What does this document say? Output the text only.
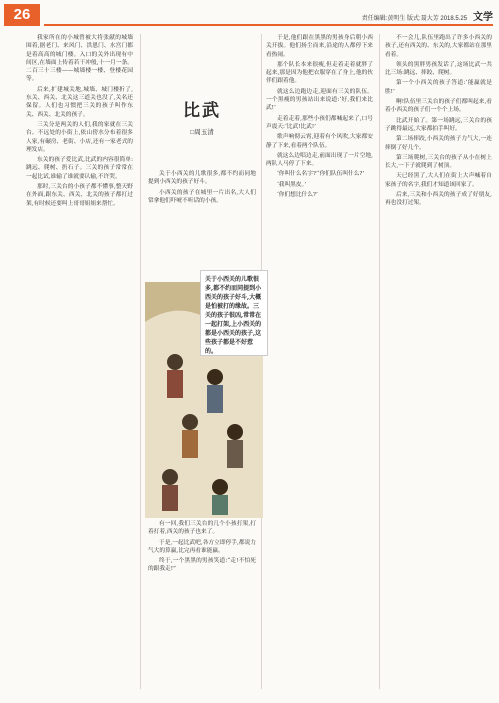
26	责任编辑:黄明生 版式:聂大芳 2018.5.25 文学

我家所在的小城曾被大将张献的城墙围着,据老门、来风门、洪恩门、水宫门都是着高高的城门楼。入口的关外出现有中间区,在墙面上传着若干冲般,十一月一条。二百三十三楼——城墙楼一楼、登楼花园等。

后来,扩建城关地,城墙、城门楼折了,东关、西关、北关这三道关也没了,关名还保留。人们也习惯把三关的孩子叫作东关、西关、北关的孩子。

三关分是两关的人们,我的家就在三关台。不远处的小街上,依山傍水分布着很多人家,有碾房、老街、小店,还有一家老式的理发店。

东关的孩子爱比武,比武的内容很简单:跳远、爬树、扔石子。三关的孩子常常在一起比试,谁输了谁就要认输,不许哭。

那时,三关台的小孩子都不懂事,整天野在外面,跟东关、西关、北关的孩子都打过架,有时候还要叫上哥哥姐姐来帮忙。

比武
□周玉清

关于小西关的儿歌很多,都不约而同地提到小西关的孩子好斗。

小西关的孩子在城里一片出名,大人们常拿他们吓唬不听话的小孩。

关于小西关的儿歌很多,都不约而同提到小西关的孩子好斗,大概是怕被打的缘故。三关的孩子很凶,常常在一起打架,上小西关的都是小西关的孩子,这些孩子都是不好惹的。

有一回,我们三关台的几个小孩打架,打着打着,西关的孩子也来了。

于是,一起比武吧,各方立即停手,都说力气大的算赢,比完再看谁能赢。

终于,一个黑黑的男孩笑道:“走!不怕死的跟我走!”

于是,他们跟在黑黑的男孩身后朝小西关开拔。他们扬尘而来,沿途的人都停下来看热闹。

那个队长本来很瘦,但走着走着就胖了起来,那是因为他把衣服穿在了身上,他的伙伴们跟着他。

就这么边跑边走,迎面有三关的队伍。一个黑瘦的男孩站出来说道:‘好,我们来比武!’

走着走着,那些小孩们都喊起来了,口号声震天:‘比武!比武!’

歌声响彻云霄,迎着有个风吹,大家都安静了下来,看着两个队伍。

就这么边唱边走,前面出现了一片空地,两队人马停了下来。

‘你叫什么名字?’‘你们队伍叫什么?’

‘我叫黑皮。’

‘你们想比什么?’

不一会儿,队伍里跑出了许多小西关的孩子,还有西关的、东关的,大家都站在那里看着。

领头的黑胖男孩发话了,这场比武一共比三场:跳远、摔跤、爬树。

第一个小西关的孩子答道:‘能赢就是胜!’

啊!队伍里三关台的孩子们都叫起来,看着小西关的孩子们一个个上场。

比武开始了。第一场跳远,三关台的孩子跳得最远,大家都拍手叫好。

第二场摔跤,小西关的孩子力气大,一连摔倒了好几个。

第三场爬树,三关台的孩子从小在树上长大,一下子就爬到了树顶。

天已经黑了,大人们在街上大声喊着自家孩子的名字,我们才知道该回家了。

后来,三关和小西关的孩子成了好朋友,再也没打过架。
